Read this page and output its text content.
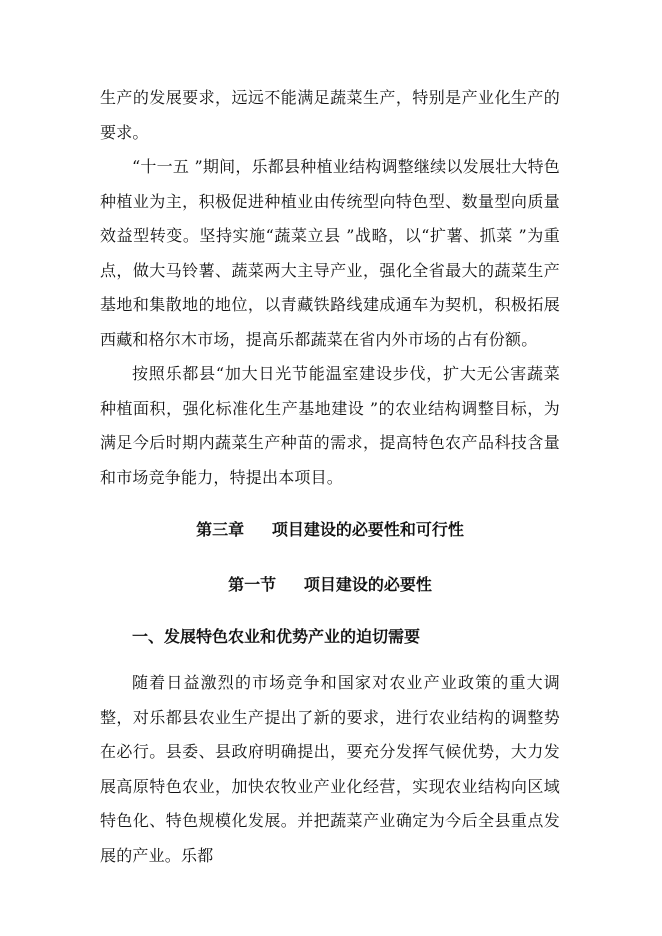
生产的发展要求，远远不能满足蔬菜生产，特别是产业化生产的要求。

“十一五 ”期间，乐都县种植业结构调整继续以发展壮大特色种植业为主，积极促进种植业由传统型向特色型、数量型向质量效益型转变。坚持实施“蔬菜立县 ”战略，以“扩薯、抓菜 ”为重点，做大马铃薯、蔬菜两大主导产业，强化全省最大的蔬菜生产基地和集散地的地位，以青藏铁路线建成通车为契机，积极拓展西藏和格尔木市场，提高乐都蔬菜在省内外市场的占有份额。

按照乐都县“加大日光节能温室建设步伐，扩大无公害蔬菜种植面积，强化标准化生产基地建设 ”的农业结构调整目标，为满足今后时期内蔬菜生产种苗的需求，提高特色农产品科技含量和市场竞争能力，特提出本项目。

第三章     项目建设的必要性和可行性
第一节     项目建设的必要性
一、发展特色农业和优势产业的迫切需要

随着日益激烈的市场竞争和国家对农业产业政策的重大调整，对乐都县农业生产提出了新的要求，进行农业结构的调整势在必行。县委、县政府明确提出，要充分发挥气候优势，大力发展高原特色农业，加快农牧业产业化经营，实现农业结构向区域特色化、特色规模化发展。并把蔬菜产业确定为今后全县重点发展的产业。乐都
